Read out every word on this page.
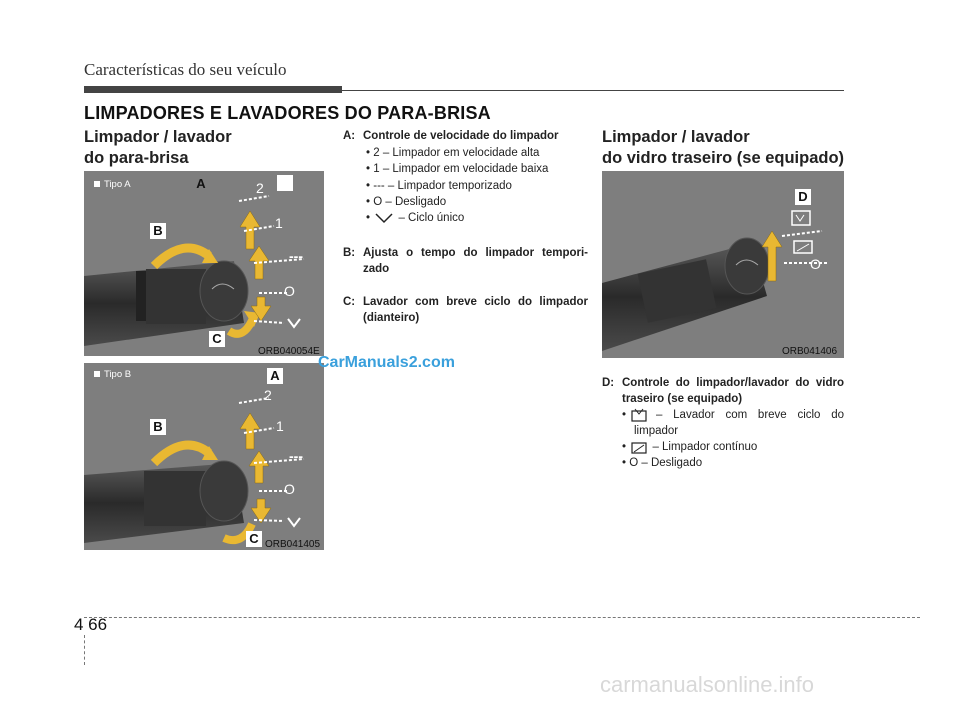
Características do seu veículo
LIMPADORES E LAVADORES DO PARA-BRISA
Limpador / lavador
do para-brisa
2
1
---
O
A
B
C
Tipo A
ORB040054E
2
1
---
O
A
B
C
Tipo B
ORB041405
A: Controle de velocidade do limpador
• 2 – Limpador em velocidade alta
• 1 – Limpador em velocidade baixa
• --- – Limpador temporizado
• O – Desligado
•  – Ciclo único
B: Ajusta o tempo do limpador tempori-
zado
C: Lavador com breve ciclo do limpador
(dianteiro)
CarManuals2.com
Limpador / lavador
do vidro traseiro (se equipado)
O
D
ORB041406
D: Controle do limpador/lavador do vidro
traseiro (se equipado)
• – Lavador com breve ciclo do
limpador
•  – Limpador contínuo
• O – Desligado
4 66
carmanualsonline.info
